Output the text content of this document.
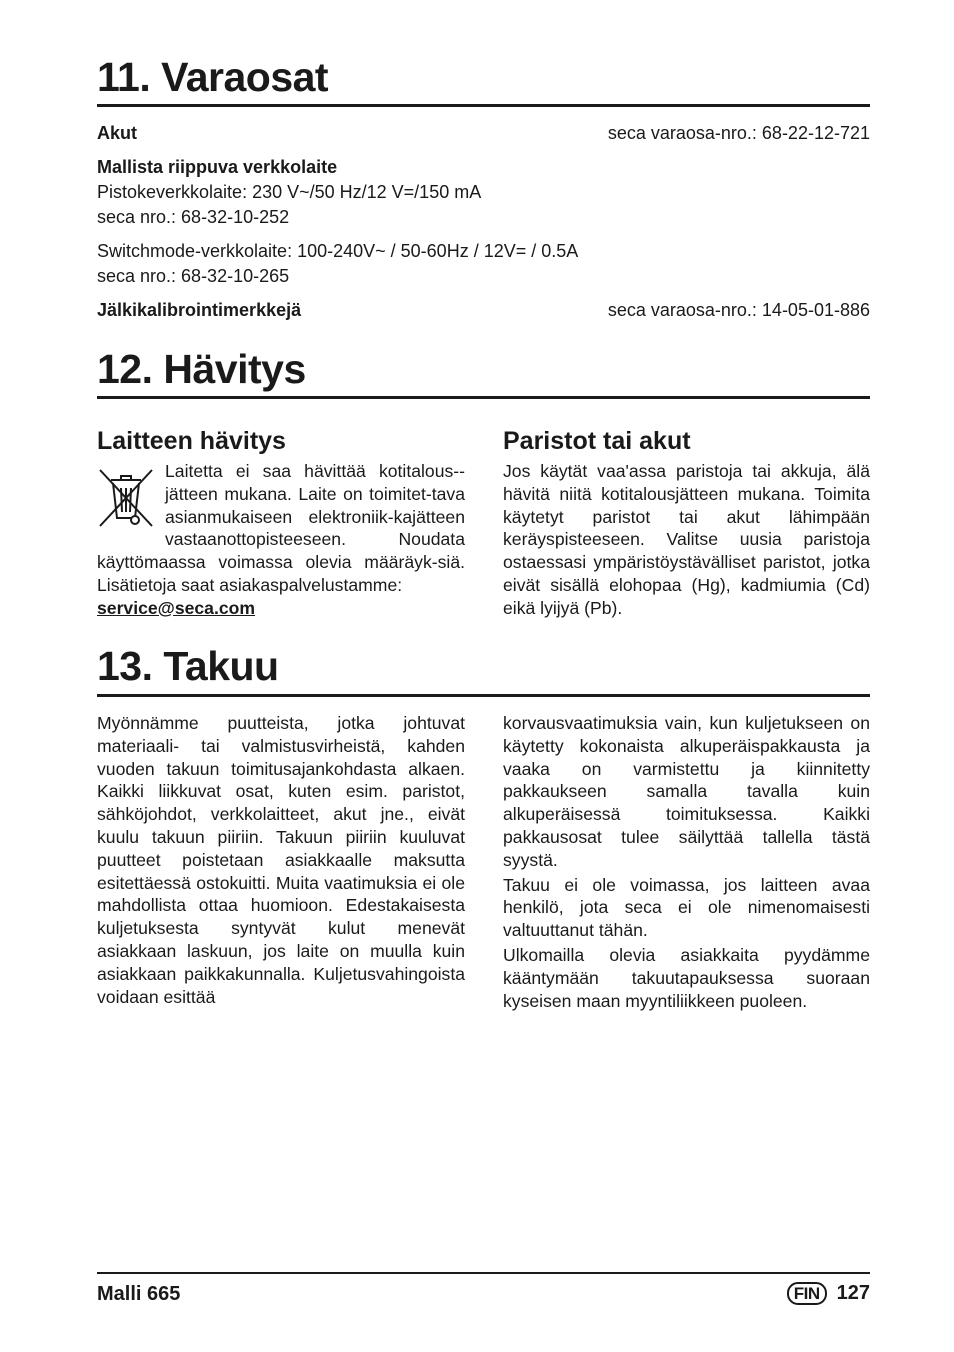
11. Varaosat
Akut	seca varaosa-nro.: 68-22-12-721
Mallista riippuva verkkolaite
Pistokeverkkolaite: 230 V~/50 Hz/12 V=/150 mA
seca nro.: 68-32-10-252
Switchmode-verkkolaite: 100-240V~ / 50-60Hz / 12V= / 0.5A
seca nro.: 68-32-10-265
Jälkikalibrointimerkkejä	seca varaosa-nro.: 14-05-01-886
12. Hävitys
Laitteen hävitys
Laitetta ei saa hävittää kotitalous-jätteen mukana. Laite on toimitet-tava asianmukaiseen elektroniik-kajätteen vastaanottopisteeseen. Noudata käyttömaassa voimassa olevia määräyk-siä. Lisätietoja saat asiakaspalvelustamme:
service@seca.com
Paristot tai akut
Jos käytät vaa'assa paristoja tai akkuja, älä hävitä niitä kotitalousjätteen mukana. Toimita käytetyt paristot tai akut lähimpään keräyspisteeseen. Valitse uusia paristoja ostaessasi ympäristöystävälliset paristot, jotka eivät sisällä elohopaa (Hg), kadmiumia (Cd) eikä lyijyä (Pb).
13. Takuu
Myönnämme puutteista, jotka johtuvat materiaali- tai valmistusvirheistä, kahden vuoden takuun toimitusajankohdasta alkaen. Kaikki liikkuvat osat, kuten esim. paristot, sähköjohdot, verkkolaitteet, akut jne., eivät kuulu takuun piiriin. Takuun piiriin kuuluvat puutteet poistetaan asiakkaalle maksutta esitettäessä ostokuitti. Muita vaatimuksia ei ole mahdollista ottaa huomioon. Edestakaisesta kuljetuksesta syntyvät kulut menevät asiakkaan laskuun, jos laite on muulla kuin asiakkaan paikkakunnalla. Kuljetusvahingoista voidaan esittää

korvausvaatimuksia vain, kun kuljetukseen on käytetty kokonaista alkuperäispakkausta ja vaaka on varmistettu ja kiinnitetty pakkaukseen samalla tavalla kuin alkuperäisessä toimituksessa. Kaikki pakkausosat tulee säilyttää tallella tästä syystä.

Takuu ei ole voimassa, jos laitteen avaa henkilö, jota seca ei ole nimenomaisesti valtuuttanut tähän.

Ulkomailla olevia asiakkaita pyydämme kääntymään takuutapauksessa suoraan kyseisen maan myyntiliikkeen puoleen.

Malli 665	FIN 127
